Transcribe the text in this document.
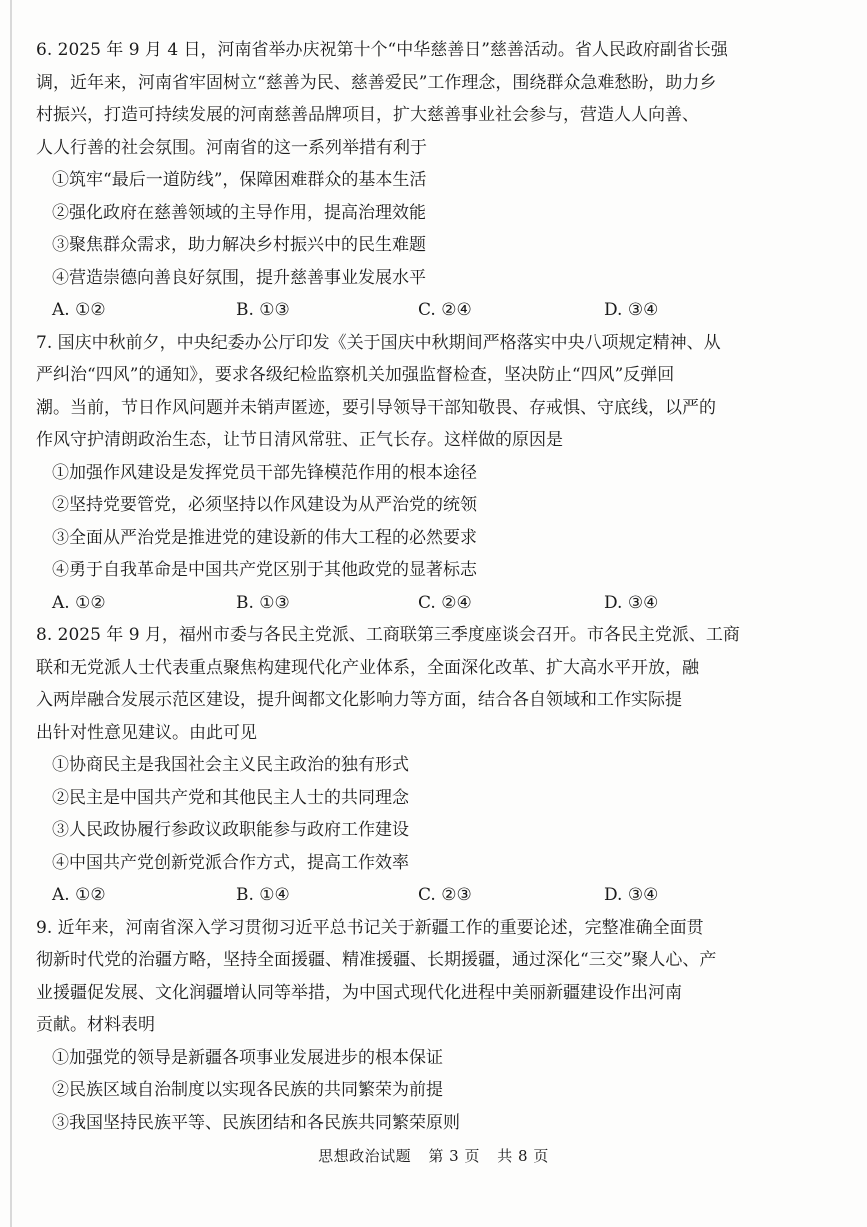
6. 2025 年 9 月 4 日，河南省举办庆祝第十个“中华慈善日”慈善活动。省人民政府副省长强
调，近年来，河南省牢固树立“慈善为民、慈善爱民”工作理念，围绕群众急难愁盼，助力乡
村振兴，打造可持续发展的河南慈善品牌项目，扩大慈善事业社会参与，营造人人向善、
人人行善的社会氛围。河南省的这一系列举措有利于
①筑牢“最后一道防线”，保障困难群众的基本生活
②强化政府在慈善领域的主导作用，提高治理效能
③聚焦群众需求，助力解决乡村振兴中的民生难题
④营造崇德向善良好氛围，提升慈善事业发展水平
A. ①②	B. ①③	C. ②④	D. ③④
7. 国庆中秋前夕，中央纪委办公厅印发《关于国庆中秋期间严格落实中央八项规定精神、从
严纠治“四风”的通知》，要求各级纪检监察机关加强监督检查，坚决防止“四风”反弹回
潮。当前，节日作风问题并未销声匿迹，要引导领导干部知敬畏、存戒惧、守底线，以严的
作风守护清朗政治生态，让节日清风常驻、正气长存。这样做的原因是
①加强作风建设是发挥党员干部先锋模范作用的根本途径
②坚持党要管党，必须坚持以作风建设为从严治党的统领
③全面从严治党是推进党的建设新的伟大工程的必然要求
④勇于自我革命是中国共产党区别于其他政党的显著标志
A. ①②	B. ①③	C. ②④	D. ③④
8. 2025 年 9 月，福州市委与各民主党派、工商联第三季度座谈会召开。市各民主党派、工商
联和无党派人士代表重点聚焦构建现代化产业体系，全面深化改革、扩大高水平开放，融
入两岸融合发展示范区建设，提升闽都文化影响力等方面，结合各自领域和工作实际提
出针对性意见建议。由此可见
①协商民主是我国社会主义民主政治的独有形式
②民主是中国共产党和其他民主人士的共同理念
③人民政协履行参政议政职能参与政府工作建设
④中国共产党创新党派合作方式，提高工作效率
A. ①②	B. ①④	C. ②③	D. ③④
9. 近年来，河南省深入学习贯彻习近平总书记关于新疆工作的重要论述，完整准确全面贯
彻新时代党的治疆方略，坚持全面援疆、精准援疆、长期援疆，通过深化“三交”聚人心、产
业援疆促发展、文化润疆增认同等举措，为中国式现代化进程中美丽新疆建设作出河南
贡献。材料表明
①加强党的领导是新疆各项事业发展进步的根本保证
②民族区域自治制度以实现各民族的共同繁荣为前提
③我国坚持民族平等、民族团结和各民族共同繁荣原则
思想政治试题 第 3 页 共 8 页
